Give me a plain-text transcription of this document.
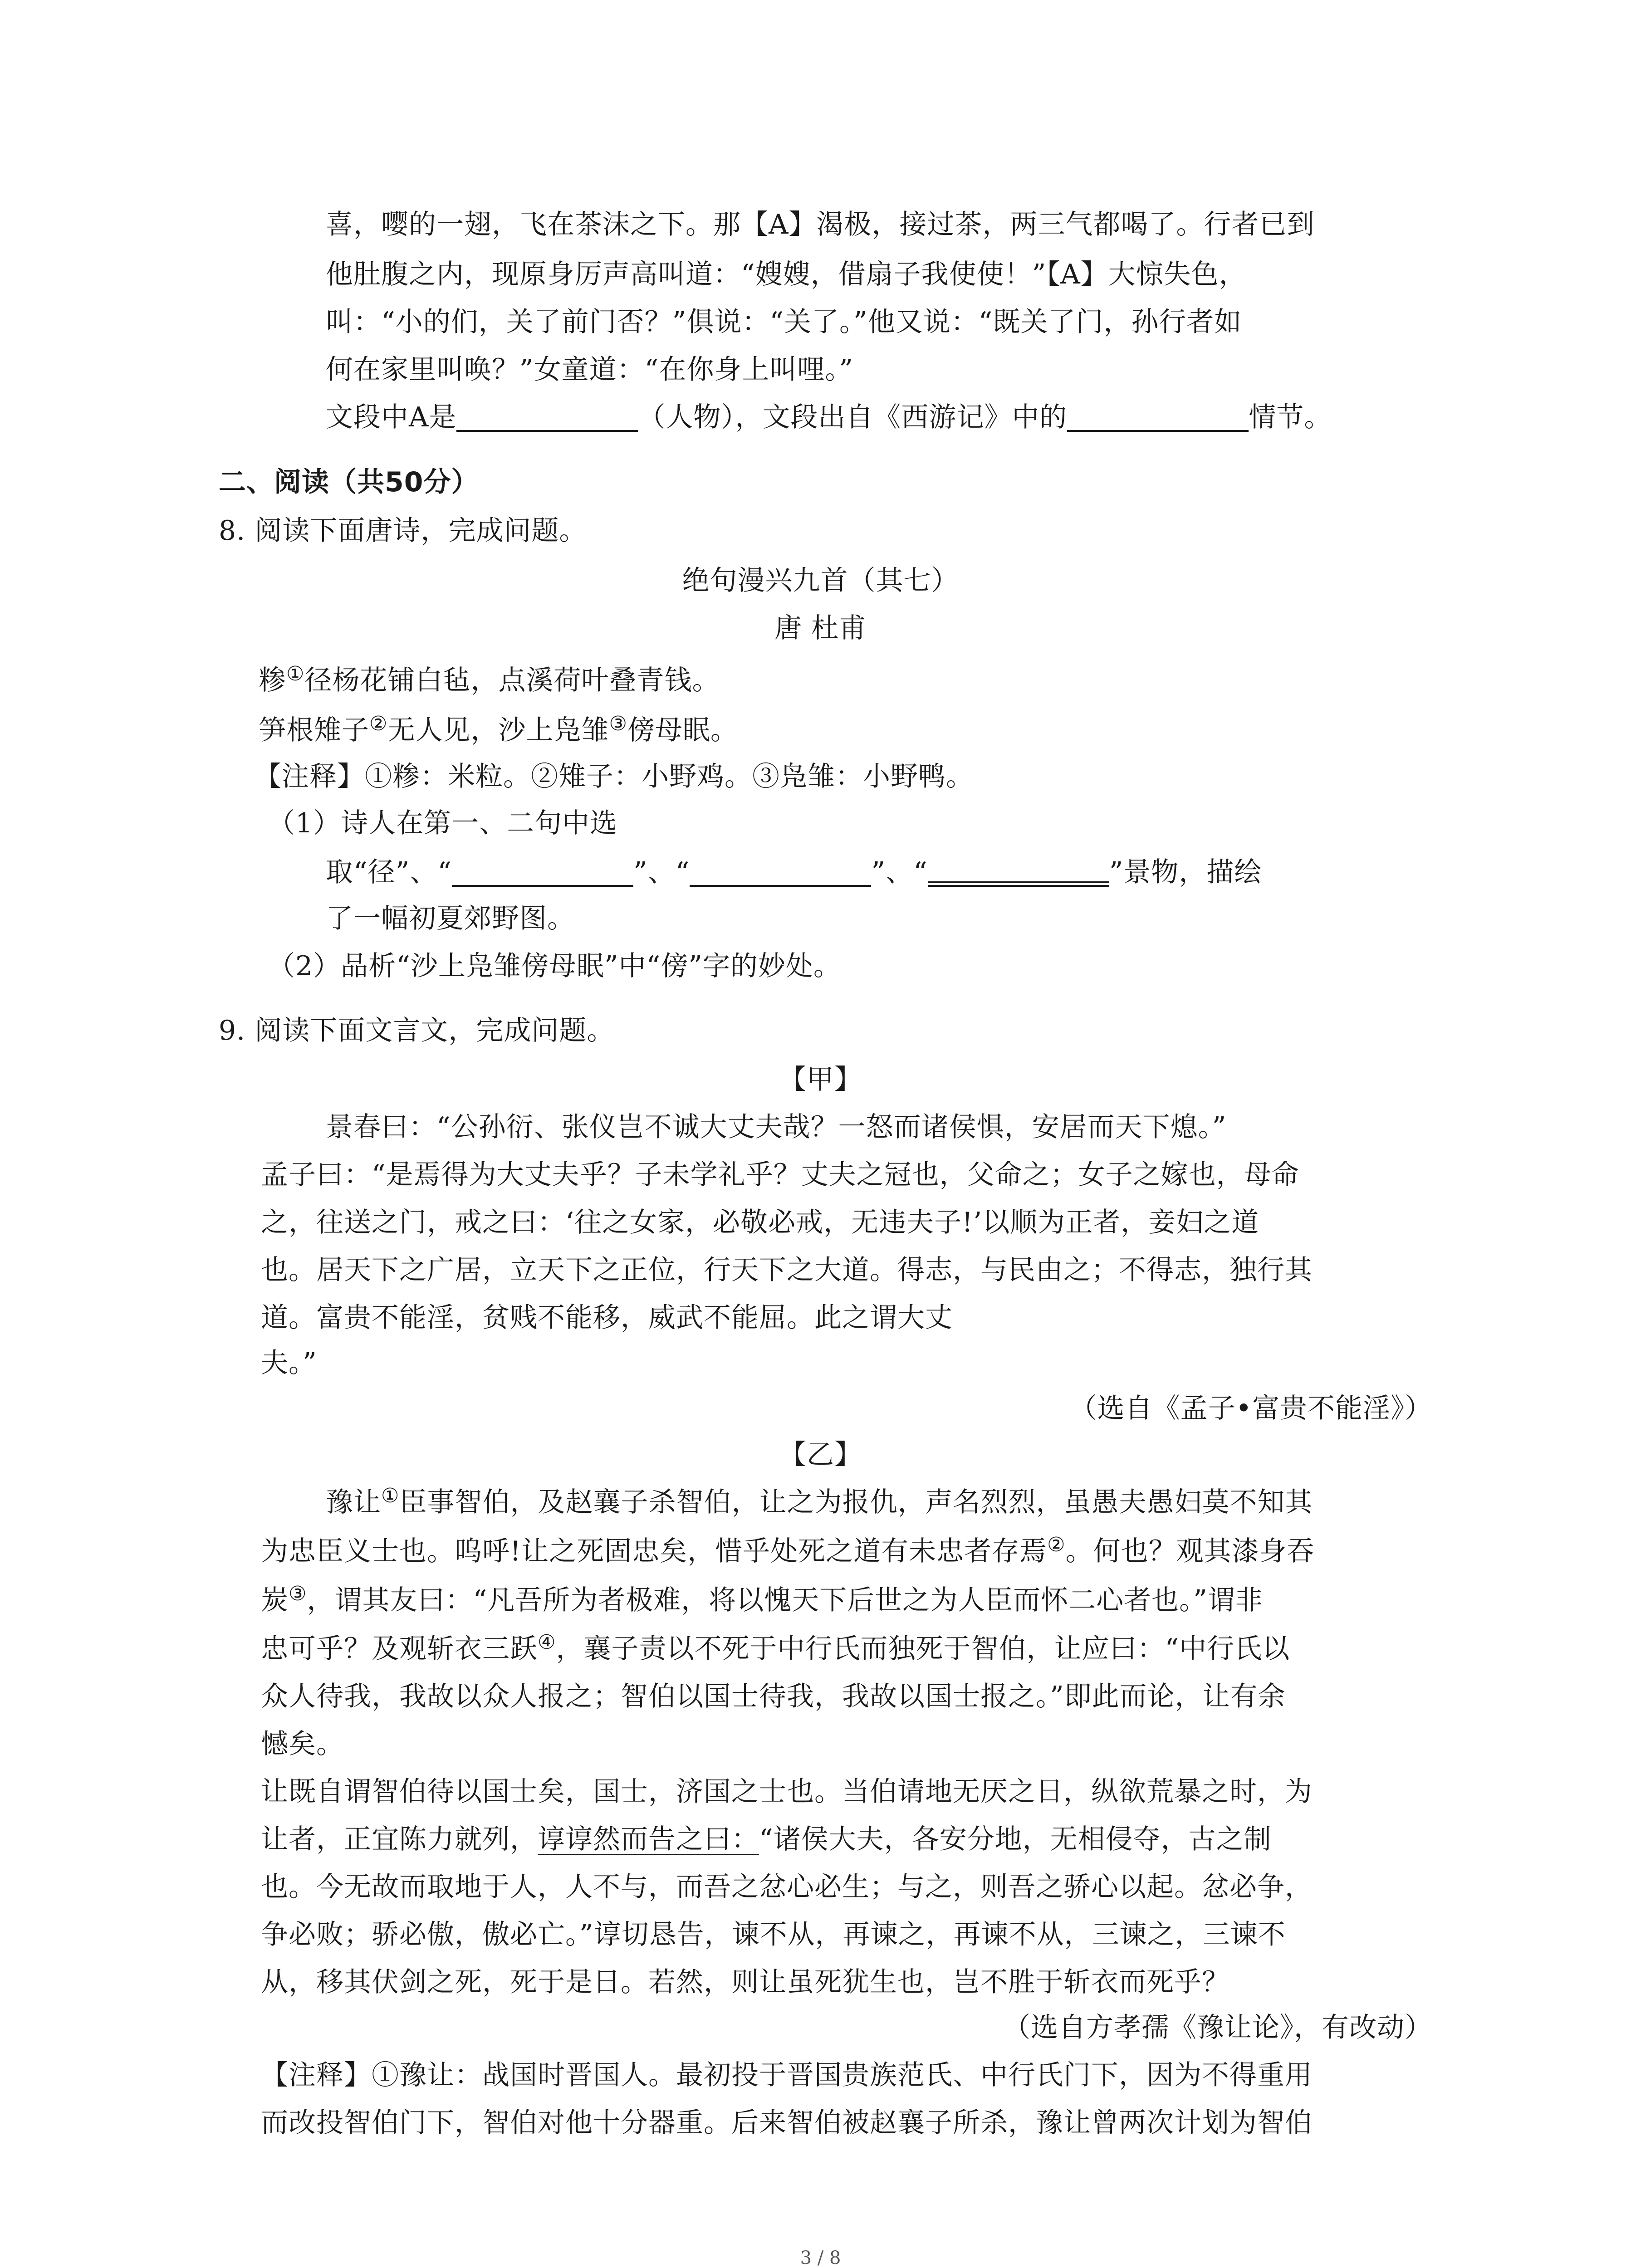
喜，嘤的一翅，飞在茶沫之下。那【A】渴极，接过茶，两三气都喝了。行者已到
他肚腹之内，现原身厉声高叫道：“嫂嫂，借扇子我使使！”【A】大惊失色，
叫：“小的们，关了前门否？”俱说：“关了。”他又说：“既关了门，孙行者如
何在家里叫唤？”女童道：“在你身上叫哩。”
文段中A是	（人物），文段出自《西游记》中的	情节。
二、阅读（共50分）
8. 阅读下面唐诗，完成问题。
绝句漫兴九首（其七）
唐 杜甫
糁①径杨花铺白毡，点溪荷叶叠青钱。
笋根雉子②无人见，沙上凫雏③傍母眠。
【注释】①糁：米粒。②雉子：小野鸡。③凫雏：小野鸭。
（1）诗人在第一、二句中选
取“径”、“	”、“	”、“	”景物，描绘
了一幅初夏郊野图。
（2）品析“沙上凫雏傍母眠”中“傍”字的妙处。
9. 阅读下面文言文，完成问题。
【甲】
景春曰：“公孙衍、张仪岂不诚大丈夫哉？一怒而诸侯惧，安居而天下熄。”
孟子曰：“是焉得为大丈夫乎？子未学礼乎？丈夫之冠也，父命之；女子之嫁也，母命
之，往送之门，戒之曰：‘往之女家，必敬必戒，无违夫子!’以顺为正者，妾妇之道
也。居天下之广居，立天下之正位，行天下之大道。得志，与民由之；不得志，独行其
道。富贵不能淫，贫贱不能移，威武不能屈。此之谓大丈
夫。”
（选自《孟子•富贵不能淫》）
【乙】
豫让①臣事智伯，及赵襄子杀智伯，让之为报仇，声名烈烈，虽愚夫愚妇莫不知其
为忠臣义士也。呜呼!让之死固忠矣，惜乎处死之道有未忠者存焉②。何也？观其漆身吞
炭③，谓其友曰：“凡吾所为者极难，将以愧天下后世之为人臣而怀二心者也。”谓非
忠可乎？及观斩衣三跃④，襄子责以不死于中行氏而独死于智伯，让应曰：“中行氏以
众人待我，我故以众人报之；智伯以国士待我，我故以国士报之。”即此而论，让有余
憾矣。
让既自谓智伯待以国士矣，国士，济国之士也。当伯请地无厌之日，纵欲荒暴之时，为
让者，正宜陈力就列，谆谆然而告之曰：“诸侯大夫，各安分地，无相侵夺，古之制
也。今无故而取地于人，人不与，而吾之忿心必生；与之，则吾之骄心以起。忿必争，
争必败；骄必傲，傲必亡。”谆切恳告，谏不从，再谏之，再谏不从，三谏之，三谏不
从，移其伏剑之死，死于是日。若然，则让虽死犹生也，岂不胜于斩衣而死乎？
（选自方孝孺《豫让论》，有改动）
【注释】①豫让：战国时晋国人。最初投于晋国贵族范氏、中行氏门下，因为不得重用
而改投智伯门下，智伯对他十分器重。后来智伯被赵襄子所杀，豫让曾两次计划为智伯
3 / 8
